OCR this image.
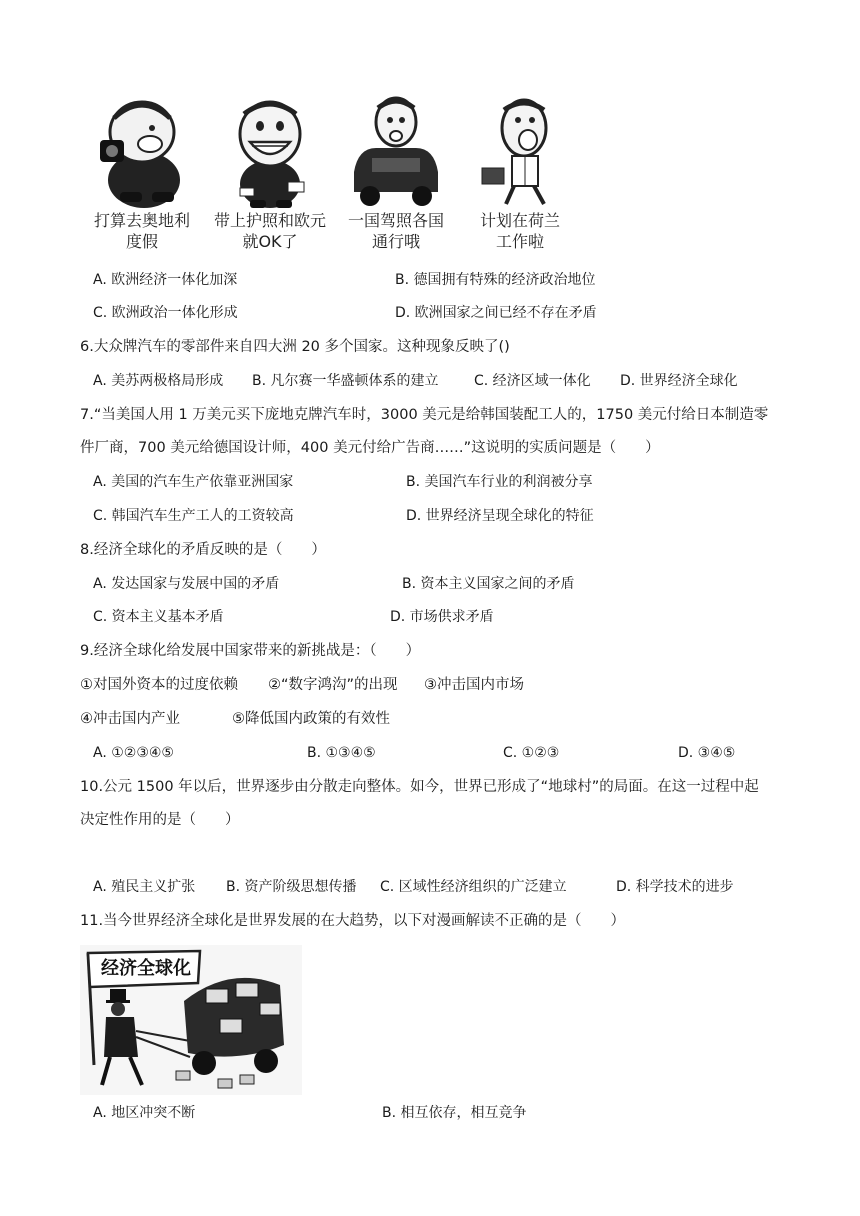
打算去奥地利
度假
带上护照和欧元
就OK了
一国驾照各国
通行哦
计划在荷兰
工作啦
A. 欧洲经济一体化加深	B. 德国拥有特殊的经济政治地位
C. 欧洲政治一体化形成	D. 欧洲国家之间已经不存在矛盾
6.大众牌汽车的零部件来自四大洲 20 多个国家。这种现象反映了()
A. 美苏两极格局形成 B. 凡尔赛一华盛顿体系的建立	C. 经济区域一体化 D. 世界经济全球化
7.“当美国人用 1 万美元买下庞地克牌汽车时，3000 美元是给韩国装配工人的，1750 美元付给日本制造零
件厂商，700 美元给德国设计师，400 美元付给广告商……”这说明的实质问题是（　　）
A. 美国的汽车生产依靠亚洲国家	B. 美国汽车行业的利润被分享
C. 韩国汽车生产工人的工资较高	D. 世界经济呈现全球化的特征
8.经济全球化的矛盾反映的是（　　）
A. 发达国家与发展中国的矛盾	B. 资本主义国家之间的矛盾
C. 资本主义基本矛盾	D. 市场供求矛盾
9.经济全球化给发展中国家带来的新挑战是：（　　）
①对国外资本的过度依赖 ②“数字鸿沟”的出现 ③冲击国内市场
④冲击国内产业	⑤降低国内政策的有效性
A. ①②③④⑤	B. ①③④⑤	C. ①②③	D. ③④⑤
10.公元 1500 年以后，世界逐步由分散走向整体。如今，世界已形成了“地球村”的局面。在这一过程中起
决定性作用的是（　　）
A. 殖民主义扩张 B. 资产阶级思想传播 C. 区域性经济组织的广泛建立	D. 科学技术的进步
11.当今世界经济全球化是世界发展的在大趋势，以下对漫画解读不正确的是（　　）
经济全球化
A. 地区冲突不断	B. 相互依存，相互竞争
